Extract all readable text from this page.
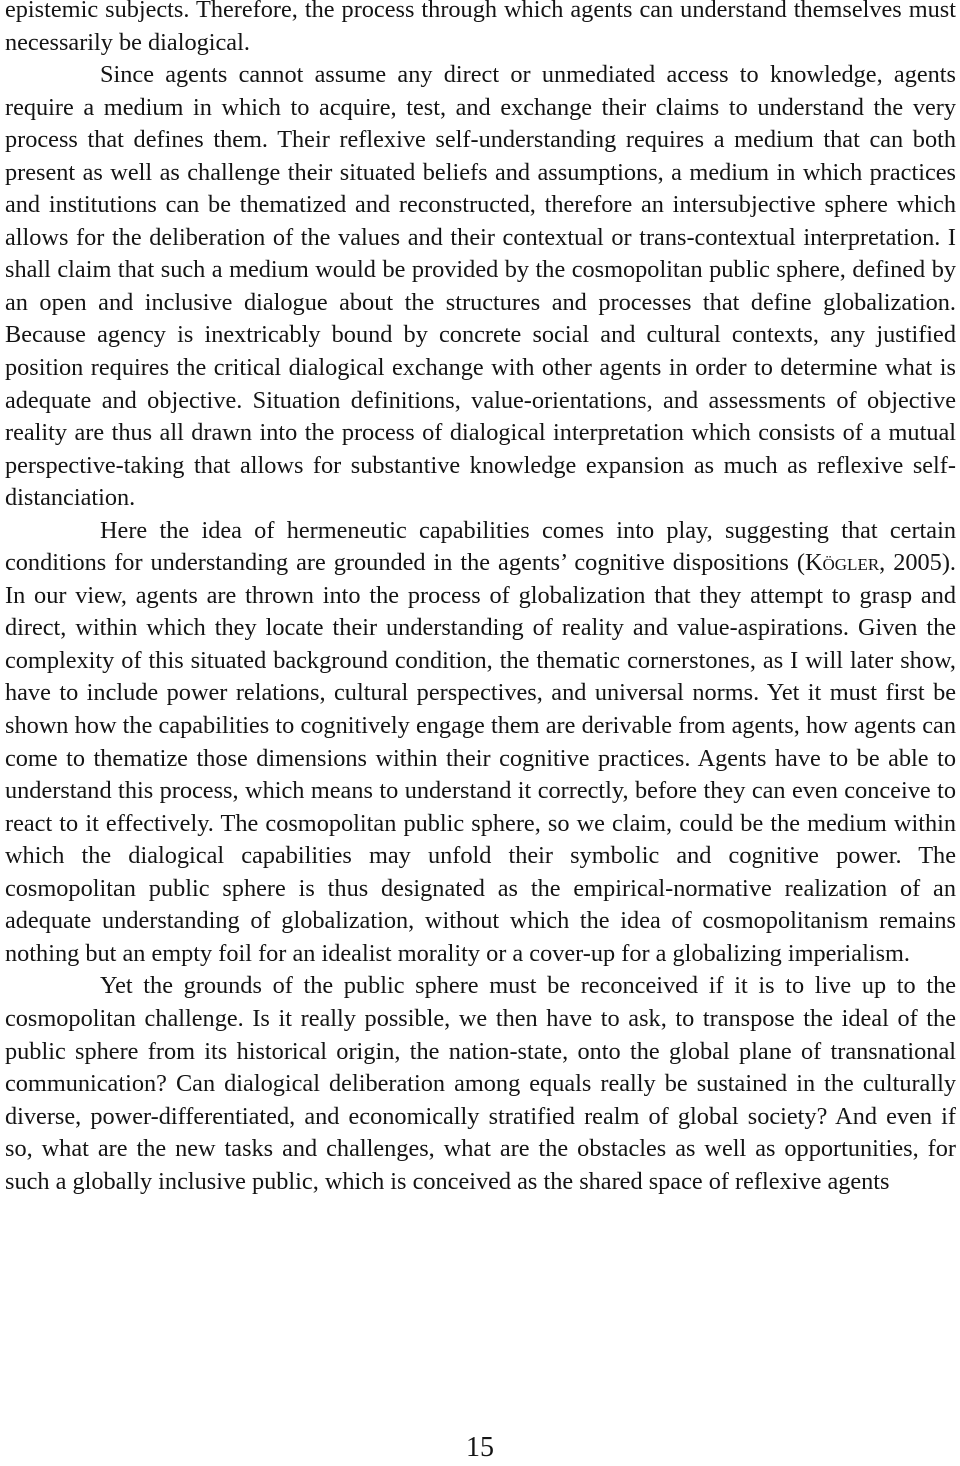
epistemic subjects. Therefore, the process through which agents can understand themselves must necessarily be dialogical.

Since agents cannot assume any direct or unmediated access to knowledge, agents require a medium in which to acquire, test, and exchange their claims to understand the very process that defines them. Their reflexive self-understanding requires a medium that can both present as well as challenge their situated beliefs and assumptions, a medium in which practices and institutions can be thematized and reconstructed, therefore an intersubjective sphere which allows for the deliberation of the values and their contextual or trans-contextual interpretation. I shall claim that such a medium would be provided by the cosmopolitan public sphere, defined by an open and inclusive dialogue about the structures and processes that define globalization. Because agency is inextricably bound by concrete social and cultural contexts, any justified position requires the critical dialogical exchange with other agents in order to determine what is adequate and objective. Situation definitions, value-orientations, and assessments of objective reality are thus all drawn into the process of dialogical interpretation which consists of a mutual perspective-taking that allows for substantive knowledge expansion as much as reflexive self-distanciation.

Here the idea of hermeneutic capabilities comes into play, suggesting that certain conditions for understanding are grounded in the agents’ cognitive dispositions (Kögler, 2005). In our view, agents are thrown into the process of globalization that they attempt to grasp and direct, within which they locate their understanding of reality and value-aspirations. Given the complexity of this situated background condition, the thematic cornerstones, as I will later show, have to include power relations, cultural perspectives, and universal norms. Yet it must first be shown how the capabilities to cognitively engage them are derivable from agents, how agents can come to thematize those dimensions within their cognitive practices. Agents have to be able to understand this process, which means to understand it correctly, before they can even conceive to react to it effectively. The cosmopolitan public sphere, so we claim, could be the medium within which the dialogical capabilities may unfold their symbolic and cognitive power. The cosmopolitan public sphere is thus designated as the empirical-normative realization of an adequate understanding of globalization, without which the idea of cosmopolitanism remains nothing but an empty foil for an idealist morality or a cover-up for a globalizing imperialism.

Yet the grounds of the public sphere must be reconceived if it is to live up to the cosmopolitan challenge. Is it really possible, we then have to ask, to transpose the ideal of the public sphere from its historical origin, the nation-state, onto the global plane of transnational communication? Can dialogical deliberation among equals really be sustained in the culturally diverse, power-differentiated, and economically stratified realm of global society? And even if so, what are the new tasks and challenges, what are the obstacles as well as opportunities, for such a globally inclusive public, which is conceived as the shared space of reflexive agents

15
